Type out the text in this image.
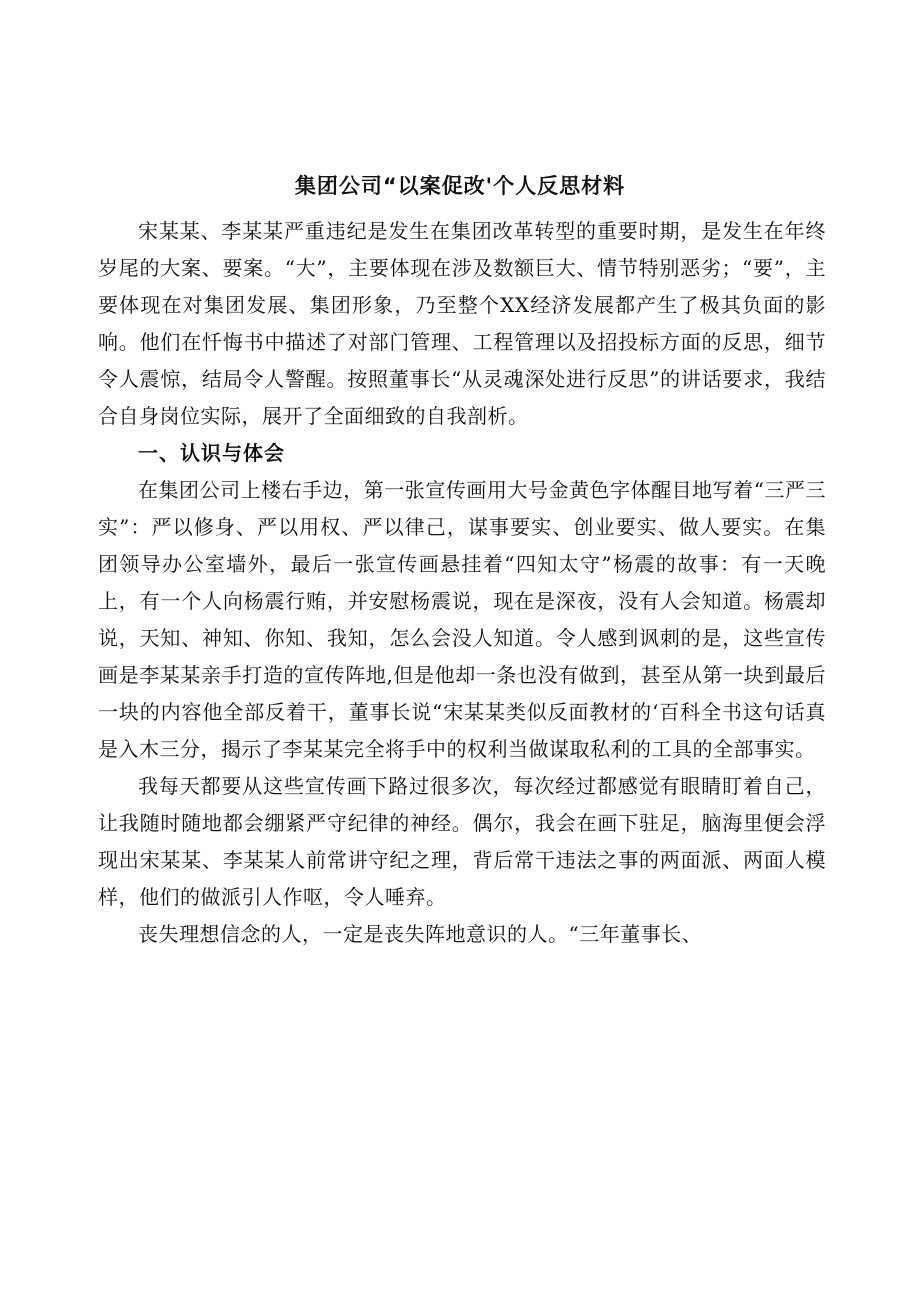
集团公司“以案促改'个人反思材料

宋某某、李某某严重违纪是发生在集团改革转型的重要时期，是发生在年终岁尾的大案、要案。“大”，主要体现在涉及数额巨大、情节特别恶劣；“要”，主要体现在对集团发展、集团形象，乃至整个XX经济发展都产生了极其负面的影响。他们在忏悔书中描述了对部门管理、工程管理以及招投标方面的反思，细节令人震惊，结局令人警醒。按照董事长“从灵魂深处进行反思”的讲话要求，我结合自身岗位实际，展开了全面细致的自我剖析。

一、认识与体会

在集团公司上楼右手边，第一张宣传画用大号金黄色字体醒目地写着“三严三实”：严以修身、严以用权、严以律己，谋事要实、创业要实、做人要实。在集团领导办公室墙外，最后一张宣传画悬挂着“四知太守”杨震的故事：有一天晚上，有一个人向杨震行贿，并安慰杨震说，现在是深夜，没有人会知道。杨震却说，天知、神知、你知、我知，怎么会没人知道。令人感到讽刺的是，这些宣传画是李某某亲手打造的宣传阵地,但是他却一条也没有做到，甚至从第一块到最后一块的内容他全部反着干，董事长说“宋某某类似反面教材的‘百科全书这句话真是入木三分，揭示了李某某完全将手中的权利当做谋取私利的工具的全部事实。

我每天都要从这些宣传画下路过很多次，每次经过都感觉有眼睛盯着自己，让我随时随地都会绷紧严守纪律的神经。偶尔，我会在画下驻足，脑海里便会浮现出宋某某、李某某人前常讲守纪之理，背后常干违法之事的两面派、两面人模样，他们的做派引人作呕，令人唾弃。

丧失理想信念的人，一定是丧失阵地意识的人。“三年董事长、
